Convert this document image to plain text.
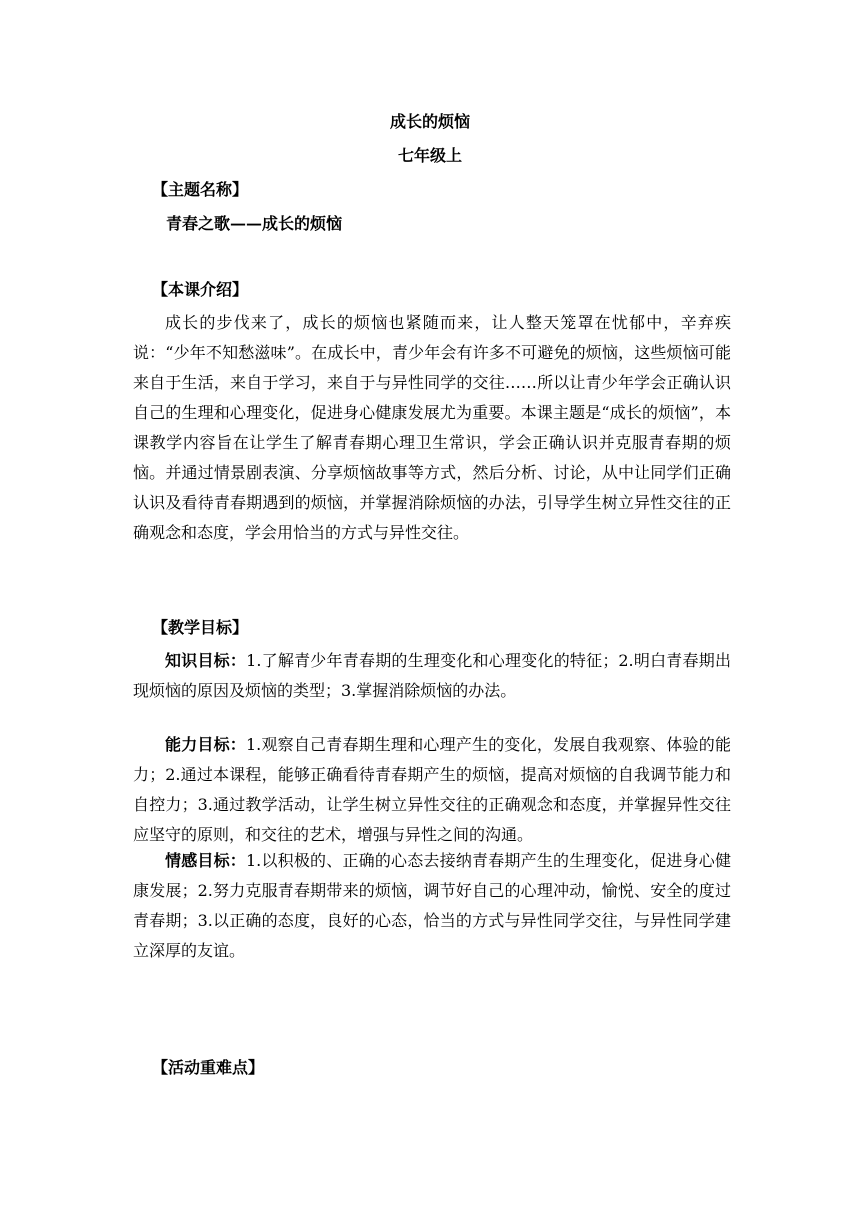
成长的烦恼
七年级上
【主题名称】
青春之歌——成长的烦恼
【本课介绍】

成长的步伐来了，成长的烦恼也紧随而来，让人整天笼罩在忧郁中，辛弃疾说：“少年不知愁滋味”。在成长中，青少年会有许多不可避免的烦恼，这些烦恼可能来自于生活，来自于学习，来自于与异性同学的交往……所以让青少年学会正确认识自己的生理和心理变化，促进身心健康发展尤为重要。本课主题是“成长的烦恼”，本课教学内容旨在让学生了解青春期心理卫生常识，学会正确认识并克服青春期的烦恼。并通过情景剧表演、分享烦恼故事等方式，然后分析、讨论，从中让同学们正确认识及看待青春期遇到的烦恼，并掌握消除烦恼的办法，引导学生树立异性交往的正确观念和态度，学会用恰当的方式与异性交往。

【教学目标】

知识目标：1.了解青少年青春期的生理变化和心理变化的特征；2.明白青春期出现烦恼的原因及烦恼的类型；3.掌握消除烦恼的办法。

能力目标：1.观察自己青春期生理和心理产生的变化，发展自我观察、体验的能力；2.通过本课程，能够正确看待青春期产生的烦恼，提高对烦恼的自我调节能力和自控力；3.通过教学活动，让学生树立异性交往的正确观念和态度，并掌握异性交往应坚守的原则，和交往的艺术，增强与异性之间的沟通。

情感目标：1.以积极的、正确的心态去接纳青春期产生的生理变化，促进身心健康发展；2.努力克服青春期带来的烦恼，调节好自己的心理冲动，愉悦、安全的度过青春期；3.以正确的态度，良好的心态，恰当的方式与异性同学交往，与异性同学建立深厚的友谊。

【活动重难点】
